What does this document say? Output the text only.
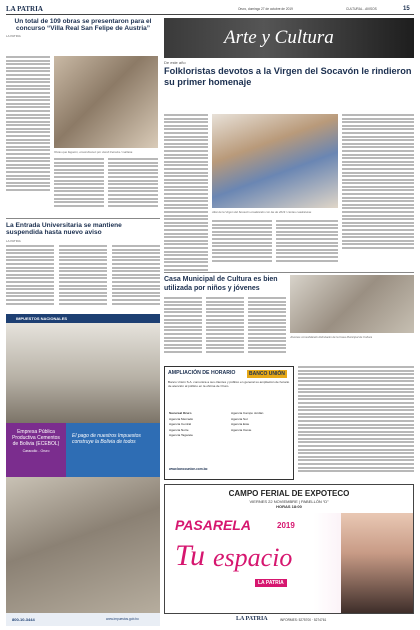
LA PATRIA	Oruro, domingo 27 de octubre de 2019	CULTURAL - AVISOS	15
Un total de 109 obras se presentaron para el concurso “Villa Real San Felipe de Austria”
LA PATRIA
Obras que llegaron, ensombrecen por Jacob Ferreira / mañana
Arte y Cultura
De este año
Folkloristas devotos a la Virgen del Socavón le rindieron su primer homenaje
Altar de la Virgen del Socavón ensalzando con las de 2019 / ciertas cuadraturas
La Entrada Universitaria se mantiene suspendida hasta nuevo aviso
LA PATRIA
Casa Municipal de Cultura es bien utilizada por niños y jóvenes
Jóvenes consolidando disfrutarán de la Casa Municipal de Cultura
IMPUESTOS NACIONALES
Empresa Pública Productiva Cementos de Bolivia (ECEBOL)
Caracollo - Oruro
El pago de nuestros Impuestos construye la Bolivia de todos
800-10-3444	www.impuestos.gob.bo
AMPLIACIÓN DE HORARIO	BANCO UNIÓN
Banco Unión S.A. comunica a sus clientes y público en general su ampliación de horario de atención al público en la oficina de Oruro.
Sucursal Oruro
Agencia Mercado
Agencia Central
Agencia Norte
Agencia Tagarete
Agencia Campo Jordán
Agencia Sur
Agencia Este
Agencia Oeste
www.bancounion.com.bo
CAMPO FERIAL DE EXPOTECO
VIERNES 22 NOVIEMBRE | PABELLÓN “D”
HORAS 18:00
PASARELA	2019
Tu espacio
LA PATRIA
LA PATRIA	INFORMES: 5275700 · 5274761
